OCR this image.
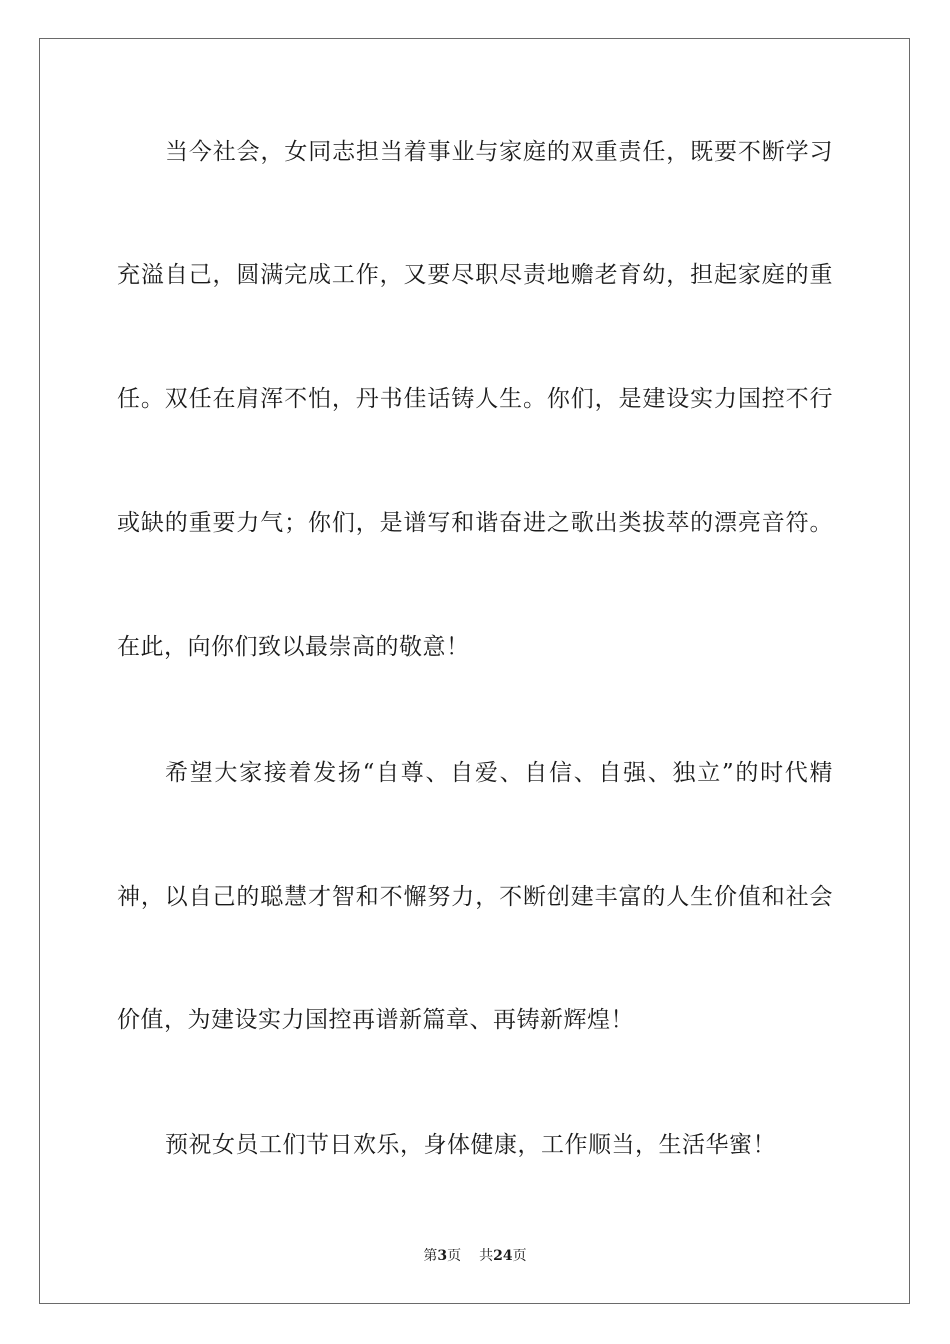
当今社会，女同志担当着事业与家庭的双重责任，既要不断学习
充溢自己，圆满完成工作，又要尽职尽责地赡老育幼，担起家庭的重
任。双任在肩浑不怕，丹书佳话铸人生。你们，是建设实力国控不行
或缺的重要力气；你们，是谱写和谐奋进之歌出类拔萃的漂亮音符。
在此，向你们致以最崇高的敬意！
希望大家接着发扬“自尊、自爱、自信、自强、独立”的时代精
神，以自己的聪慧才智和不懈努力，不断创建丰富的人生价值和社会
价值，为建设实力国控再谱新篇章、再铸新辉煌！
预祝女员工们节日欢乐，身体健康，工作顺当，生活华蜜！
第3页 共24页
